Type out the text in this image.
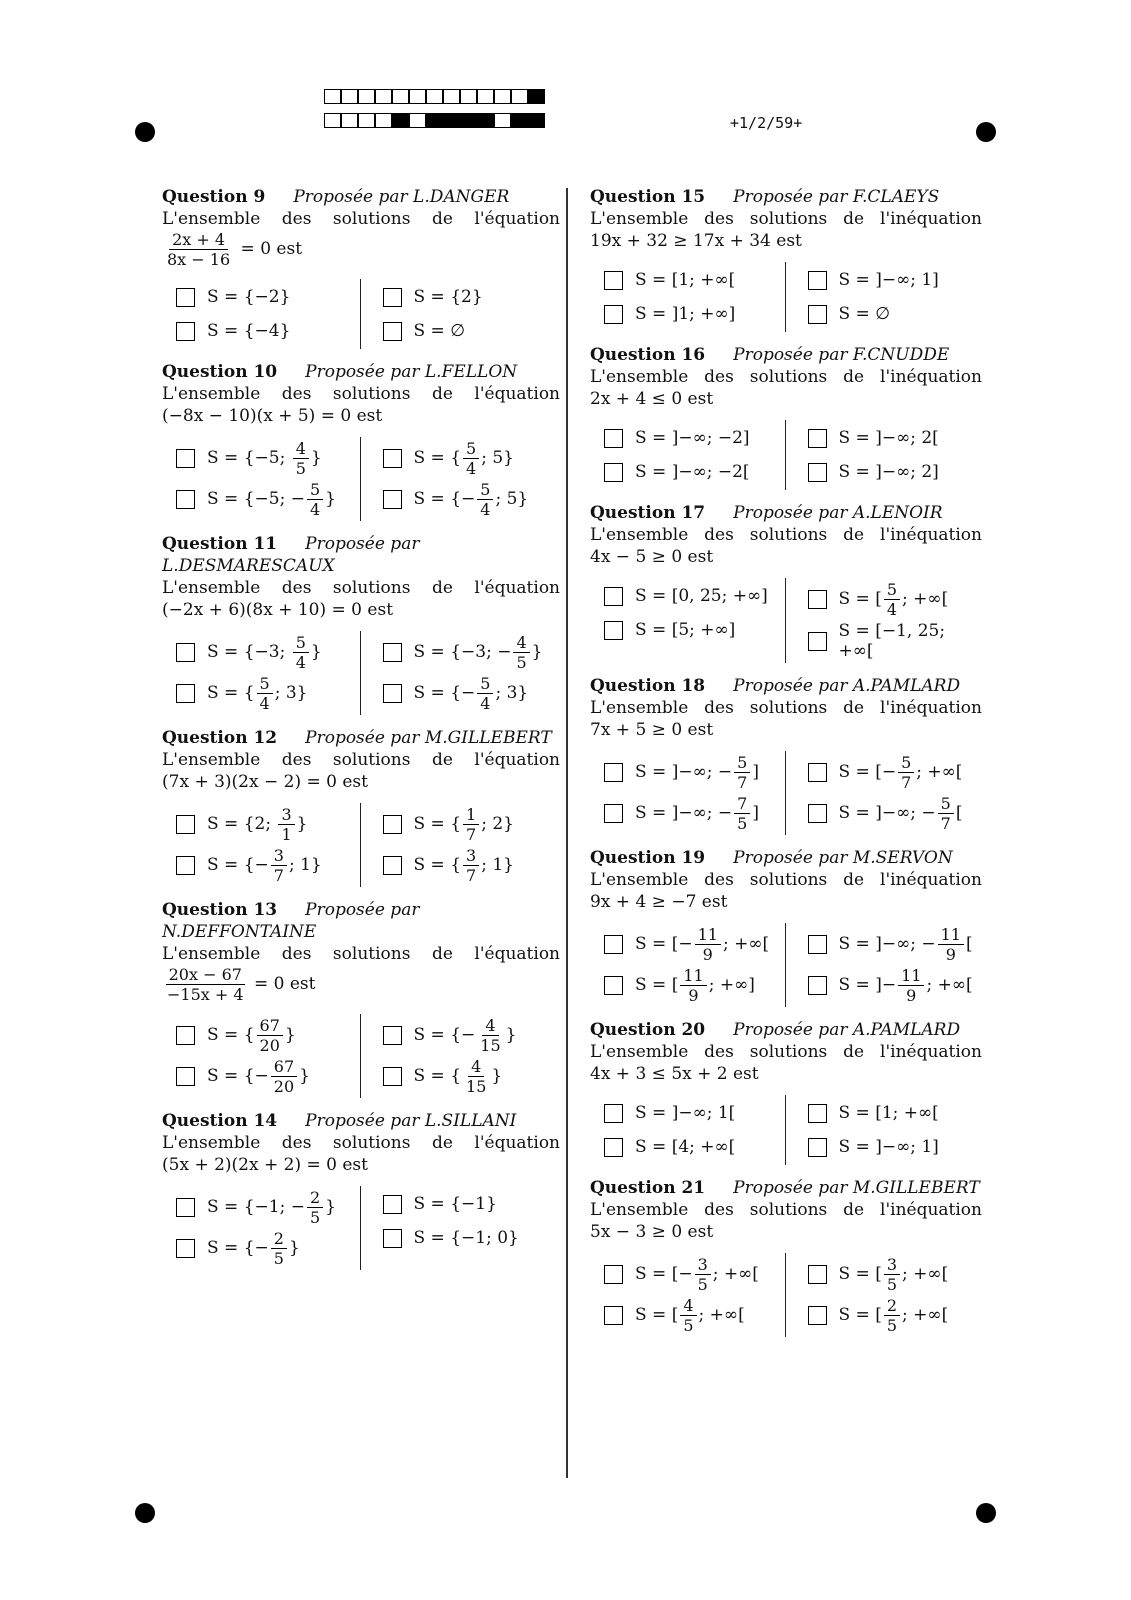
+1/2/59+
Question 9 Proposée par L.DANGER
L'ensemble des solutions de l'équation
$\frac{2x + 4}{8x - 16} = 0$ est
S = {−2}
S = {−4}
S = {2}
S = ∅
Question 10 Proposée par L.FELLON
L'ensemble des solutions de l'équation
(−8x − 10)(x + 5) = 0 est
S = {−5; $\frac{4}{5}$ }
S = {−5; − $\frac{5}{4}$ }
S = { $\frac{5}{4}$ ; 5}
S = {− $\frac{5}{4}$ ; 5}
Question 11 Proposée par L.DESMARESCAUX
L'ensemble des solutions de l'équation
(−2x + 6)(8x + 10) = 0 est
S = {−3; $\frac{5}{4}$ }
S = { $\frac{5}{4}$ ; 3}
S = {−3; − $\frac{4}{5}$ }
S = {− $\frac{5}{4}$ ; 3}
Question 12 Proposée par M.GILLEBERT
L'ensemble des solutions de l'équation
(7x + 3)(2x − 2) = 0 est
S = {2; $\frac{3}{1}$ }
S = {− $\frac{3}{7}$ ; 1}
S = { $\frac{1}{7}$ ; 2}
S = { $\frac{3}{7}$ ; 1}
Question 13 Proposée par N.DEFFONTAINE
L'ensemble des solutions de l'équation
$\frac{20x - 67}{-15x + 4} = 0$ est
S = { $\frac{67}{20}$ }
S = {− $\frac{67}{20}$ }
S = {− $\frac{4}{15}$ }
S = { $\frac{4}{15}$ }
Question 14 Proposée par L.SILLANI
L'ensemble des solutions de l'équation
(5x + 2)(2x + 2) = 0 est
S = {−1; − $\frac{2}{5}$ }
S = {− $\frac{2}{5}$ }
S = {−1}
S = {−1; 0}
Question 15 Proposée par F.CLAEYS
L'ensemble des solutions de l'inéquation
19x + 32 ≥ 17x + 34 est
S = [1; +∞[
S = ]1; +∞]
S = ]−∞; 1]
S = ∅
Question 16 Proposée par F.CNUDDE
L'ensemble des solutions de l'inéquation
2x + 4 ≤ 0 est
S = ]−∞; −2]
S = ]−∞; −2[
S = ]−∞; 2[
S = ]−∞; 2]
Question 17 Proposée par A.LENOIR
L'ensemble des solutions de l'inéquation
4x − 5 ≥ 0 est
S = [0, 25; +∞]
S = [5; +∞]
S = [ $\frac{5}{4}$ ; +∞[
S = [−1, 25; +∞[
Question 18 Proposée par A.PAMLARD
L'ensemble des solutions de l'inéquation
7x + 5 ≥ 0 est
S = ]−∞; − $\frac{5}{7}$ ]
S = ]−∞; − $\frac{7}{5}$ ]
S = [− $\frac{5}{7}$ ; +∞[
S = ]−∞; − $\frac{5}{7}$ [
Question 19 Proposée par M.SERVON
L'ensemble des solutions de l'inéquation
9x + 4 ≥ −7 est
S = [− $\frac{11}{9}$ ; +∞[
S = [ $\frac{11}{9}$ ; +∞]
S = ]−∞; − $\frac{11}{9}$ [
S = ]− $\frac{11}{9}$ ; +∞[
Question 20 Proposée par A.PAMLARD
L'ensemble des solutions de l'inéquation
4x + 3 ≤ 5x + 2 est
S = ]−∞; 1[
S = [4; +∞[
S = [1; +∞[
S = ]−∞; 1]
Question 21 Proposée par M.GILLEBERT
L'ensemble des solutions de l'inéquation
5x − 3 ≥ 0 est
S = [− $\frac{3}{5}$ ; +∞[
S = [ $\frac{4}{5}$ ; +∞[
S = [ $\frac{3}{5}$ ; +∞[
S = [ $\frac{2}{5}$ ; +∞[
